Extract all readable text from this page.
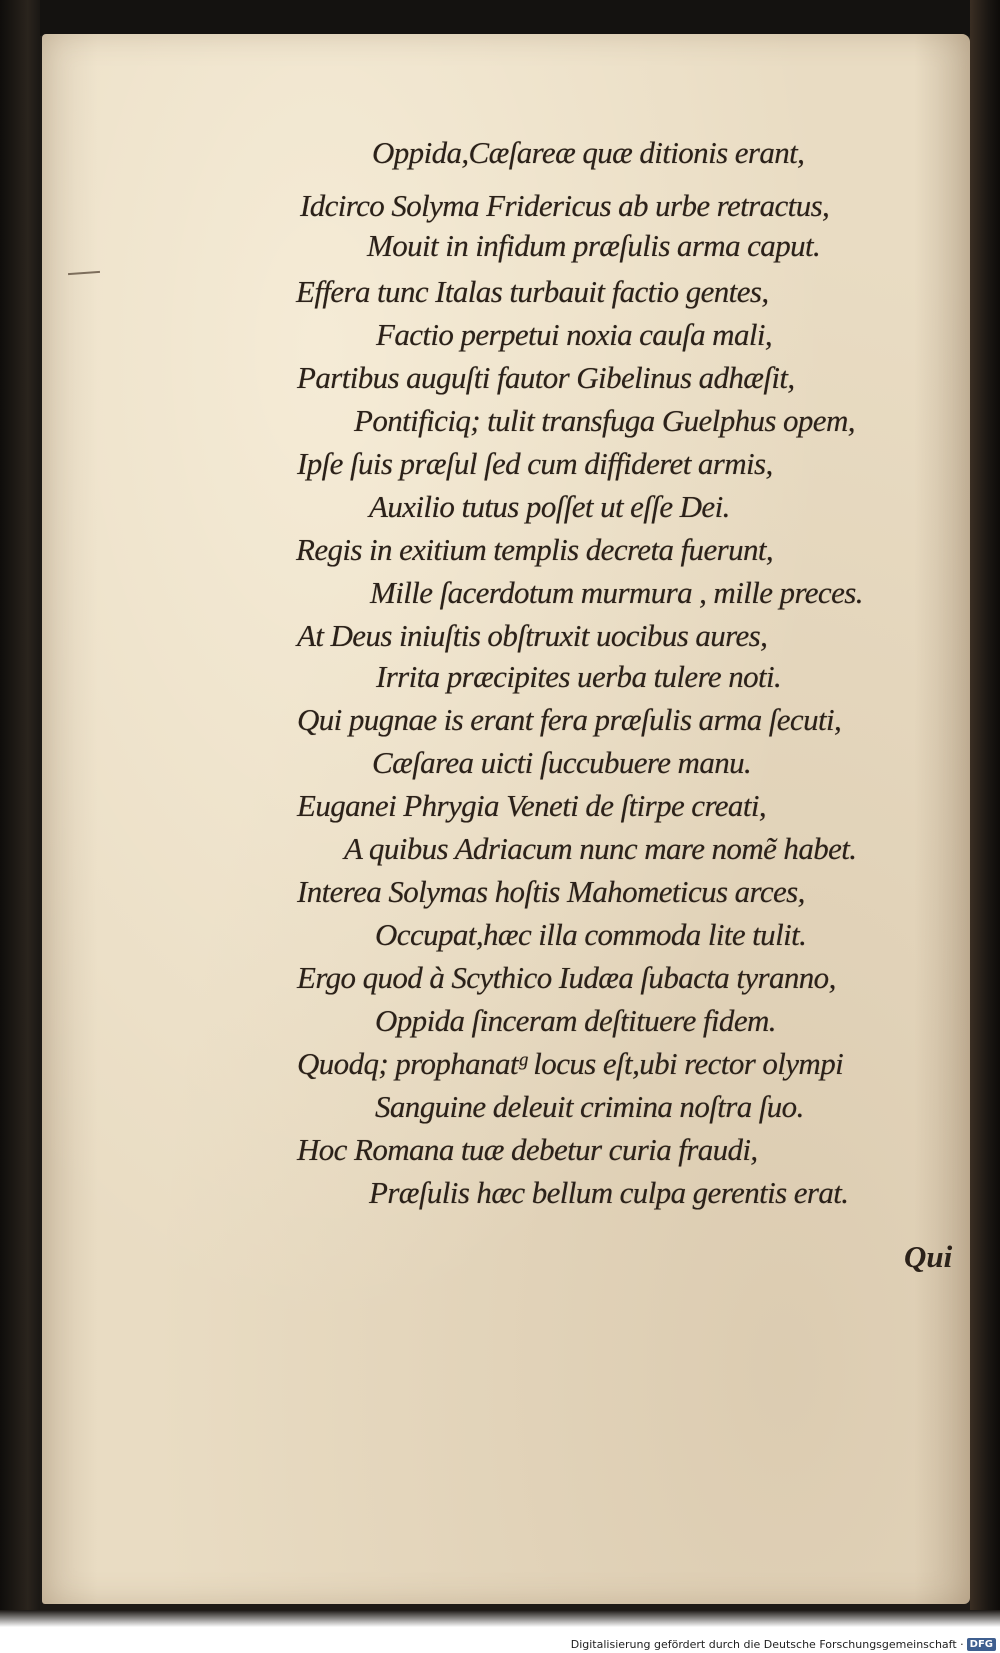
Oppida,Cæſareæ quæ ditionis erant,
Idcirco Solyma Fridericus ab urbe retractus,
Mouit in infidum præſulis arma caput.
Effera tunc Italas turbauit factio gentes,
Factio perpetui noxia cauſa mali,
Partibus auguſti fautor Gibelinus adhæſit,
Pontificiq; tulit transfuga Guelphus opem,
Ipſe ſuis præſul ſed cum diffideret armis,
Auxilio tutus poſſet ut eſſe Dei.
Regis in exitium templis decreta fuerunt,
Mille ſacerdotum murmura , mille preces.
At Deus iniuſtis obſtruxit uocibus aures,
Irrita præcipites uerba tulere noti.
Qui pugnae is erant fera præſulis arma ſecuti,
Cæſarea uicti ſuccubuere manu.
Euganei Phrygia Veneti de ſtirpe creati,
A quibus Adriacum nunc mare nomẽ habet.
Interea Solymas hoſtis Mahometicus arces,
Occupat,hæc illa commoda lite tulit.
Ergo quod à Scythico Iudæa ſubacta tyranno,
Oppida ſinceram deſtituere fidem.
Quodq; prophanatᵍ locus eſt,ubi rector olympi
Sanguine deleuit crimina noſtra ſuo.
Hoc Romana tuæ debetur curia fraudi,
Præſulis hæc bellum culpa gerentis erat.
Qui
Digitalisierung gefördert durch die Deutsche Forschungsgemeinschaft · DFG
